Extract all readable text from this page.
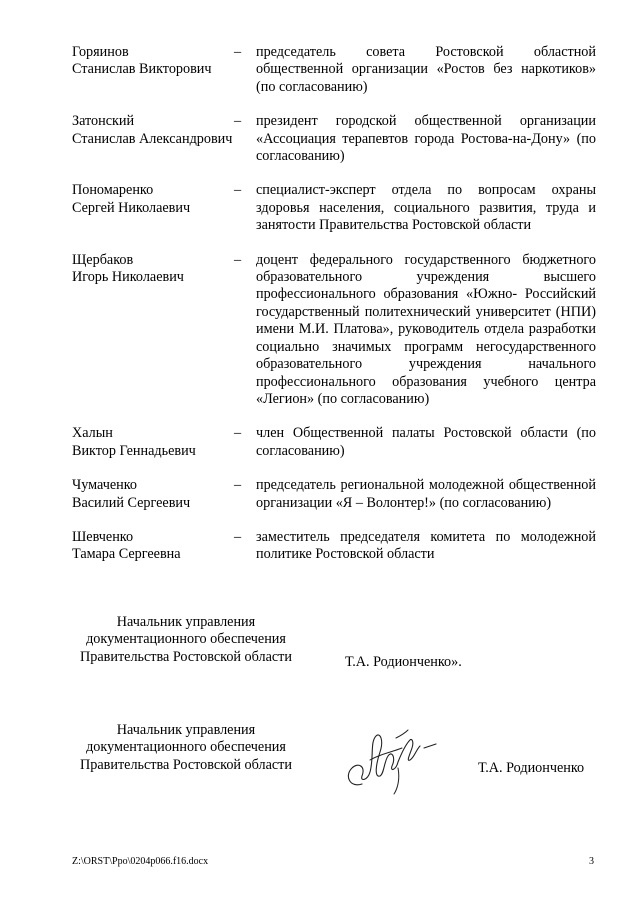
Горяинов
Станислав Викторович
–	председатель совета Ростовской областной общественной организации «Ростов без наркотиков» (по согласованию)
Затонский
Станислав Александрович
–	президент городской общественной организации «Ассоциация терапевтов города Ростова-на-Дону» (по согласованию)
Пономаренко
Сергей Николаевич
–	специалист-эксперт отдела по вопросам охраны здоровья населения, социального развития, труда и занятости Правительства Ростовской области
Щербаков
Игорь Николаевич
–	доцент федерального государственного бюджетного образовательного учреждения высшего профессионального образования «Южно- Российский государственный политехнический университет (НПИ) имени М.И. Платова», руководитель отдела разработки социально значимых программ негосударственного образовательного учреждения начального профессионального образования учебного центра «Легион» (по согласованию)
Халын
Виктор Геннадьевич
–	член Общественной палаты Ростовской области (по согласованию)
Чумаченко
Василий Сергеевич
–	председатель региональной молодежной общественной организации «Я – Волонтер!» (по согласованию)
Шевченко
Тамара Сергеевна
–	заместитель председателя комитета по молодежной политике Ростовской области
Начальник управления
документационного обеспечения
Правительства Ростовской области	Т.А. Родионченко».
Начальник управления
документационного обеспечения
Правительства Ростовской области	Т.А. Родионченко
Z:\ORST\Ppo\0204p066.f16.docx	3
